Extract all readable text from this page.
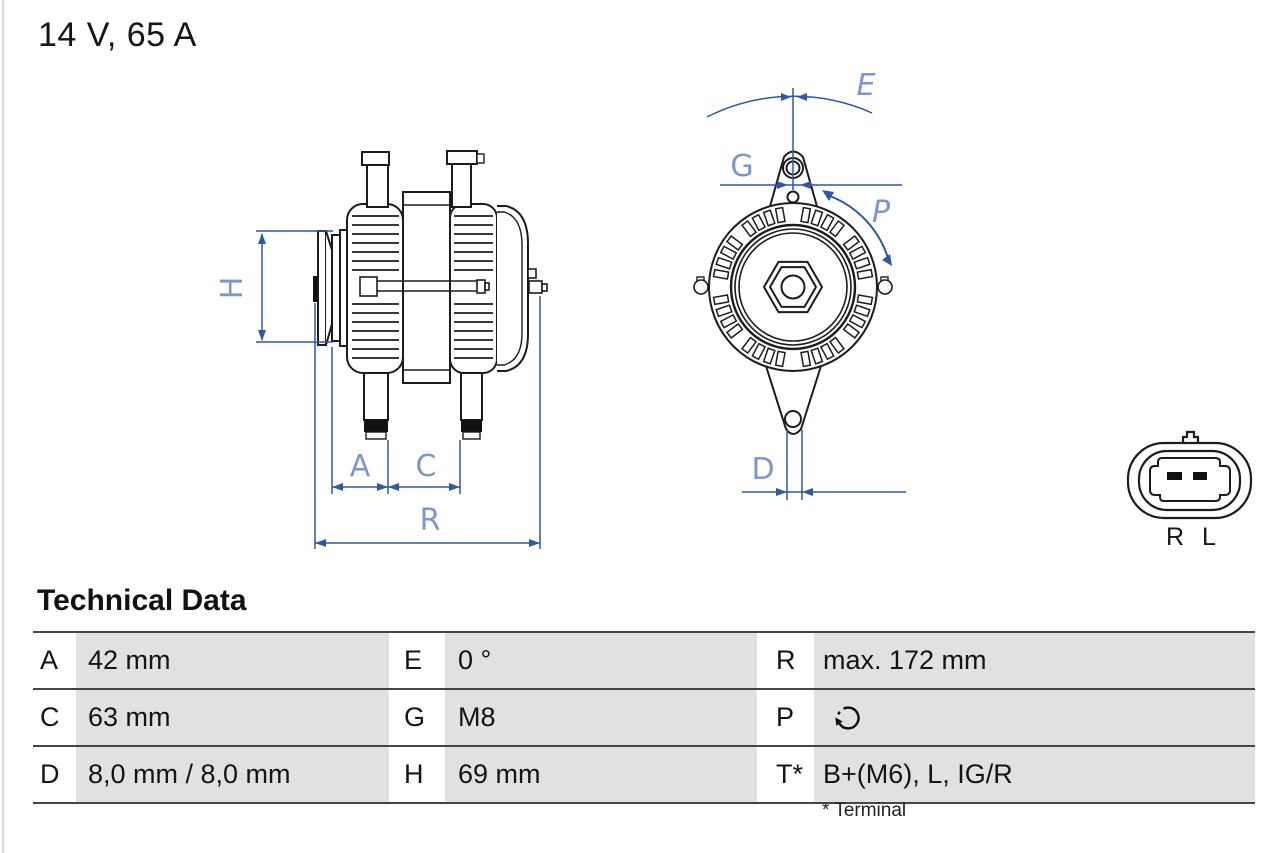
14 V, 65 A
H
A C
R
E
G
P
D
R L
Technical Data
A	42 mm	E	0 °	R	max. 172 mm
C	63 mm	G	M8	P
D	8,0 mm / 8,0 mm	H	69 mm	T* B+(M6), L, IG/R
* Terminal
